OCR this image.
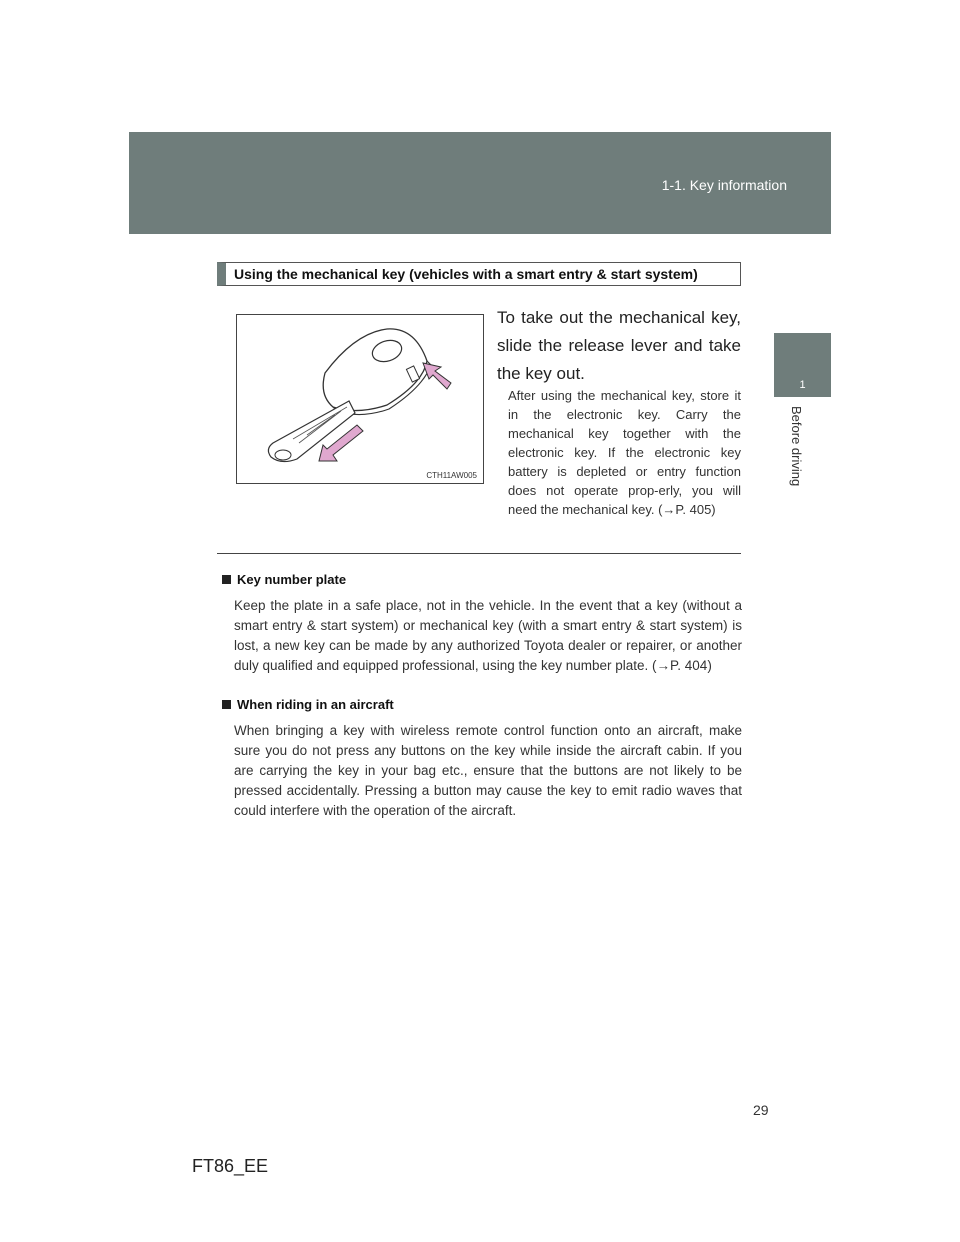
1-1. Key information
1
Before driving
Using the mechanical key (vehicles with a smart entry & start system)
CTH11AW005
To take out the mechanical key, slide the release lever and take the key out.
After using the mechanical key, store it in the electronic key. Carry the mechanical key together with the electronic key. If the electronic key battery is depleted or entry function does not operate prop-erly, you will need the mechanical key. (→P. 405)
Key number plate
Keep the plate in a safe place, not in the vehicle. In the event that a key (without a smart entry & start system) or mechanical key (with a smart entry & start system) is lost, a new key can be made by any authorized Toyota dealer or repairer, or another duly qualified and equipped professional, using the key number plate. (→P. 404)
When riding in an aircraft
When bringing a key with wireless remote control function onto an aircraft, make sure you do not press any buttons on the key while inside the aircraft cabin. If you are carrying the key in your bag etc., ensure that the buttons are not likely to be pressed accidentally. Pressing a button may cause the key to emit radio waves that could interfere with the operation of the aircraft.
29
FT86_EE
